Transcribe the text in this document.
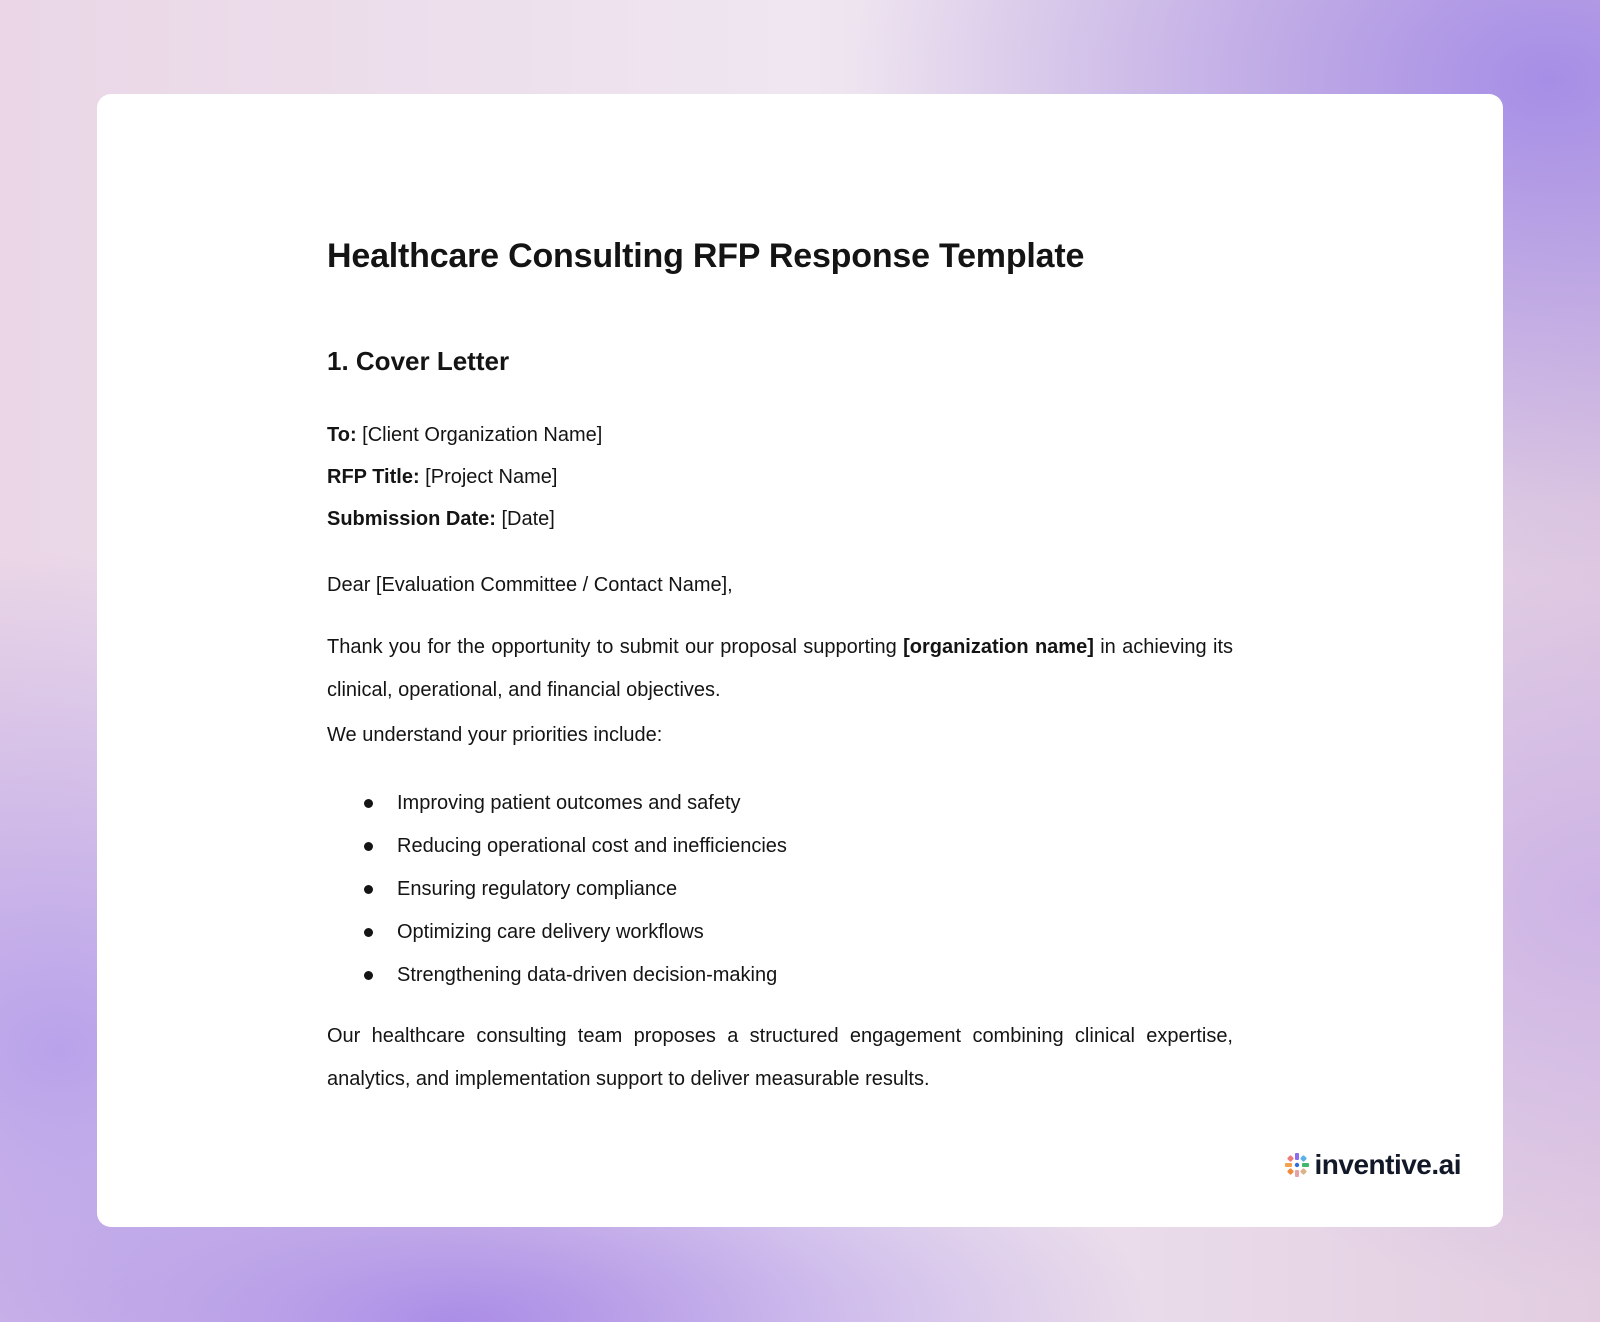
Healthcare Consulting RFP Response Template
1. Cover Letter
To: [Client Organization Name]
RFP Title: [Project Name]
Submission Date: [Date]
Dear [Evaluation Committee / Contact Name],
Thank you for the opportunity to submit our proposal supporting [organization name] in achieving its clinical, operational, and financial objectives.
We understand your priorities include:
Improving patient outcomes and safety
Reducing operational cost and inefficiencies
Ensuring regulatory compliance
Optimizing care delivery workflows
Strengthening data-driven decision-making
Our healthcare consulting team proposes a structured engagement combining clinical expertise, analytics, and implementation support to deliver measurable results.
inventive.ai
